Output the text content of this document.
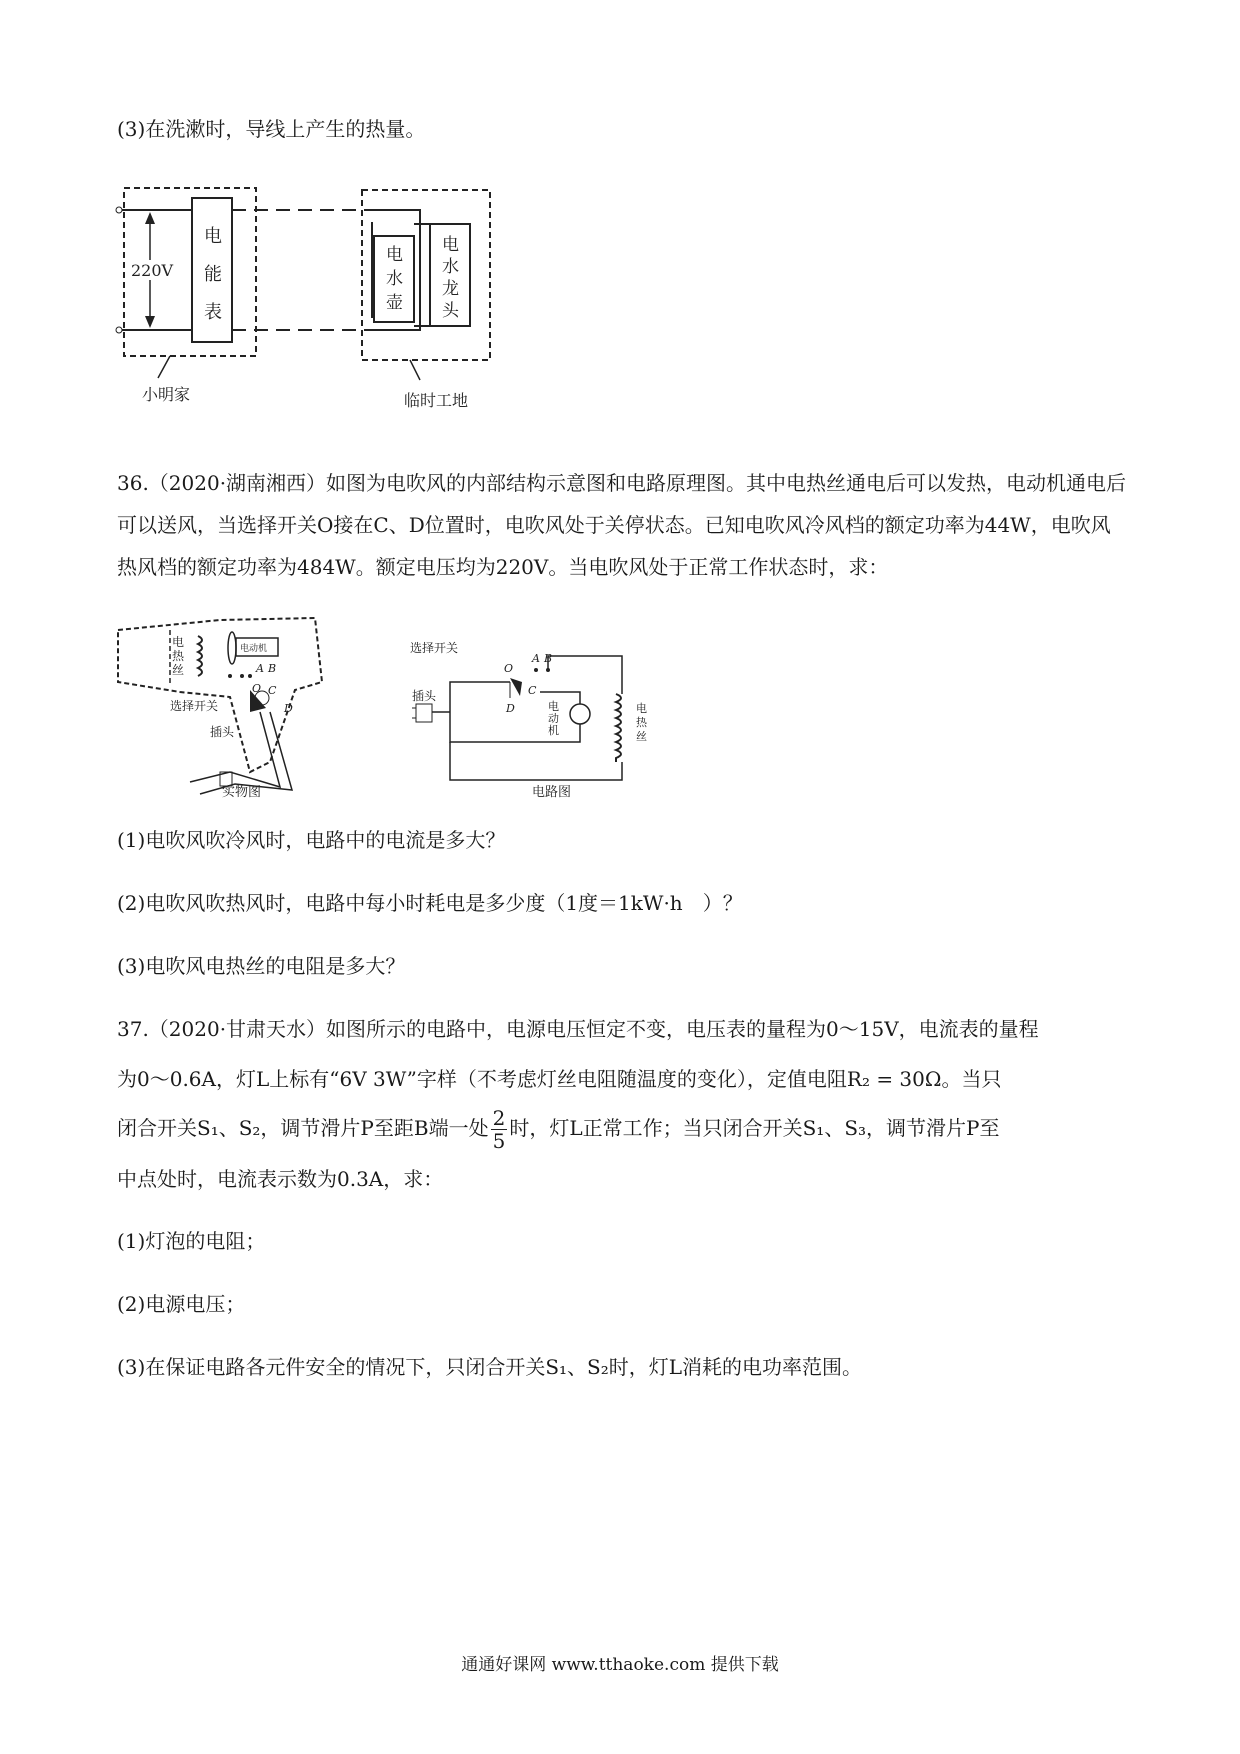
(3)在洗漱时，导线上产生的热量。

220V
电
能
表
电
水
壶
电
水
龙
头
小明家	临时工地

36.（2020·湖南湘西）如图为电吹风的内部结构示意图和电路原理图。其中电热丝通电后可以发热，电动机通电后可以送风，当选择开关O接在C、D位置时，电吹风处于关停状态。已知电吹风冷风档的额定功率为44W，电吹风热风档的额定功率为484W。额定电压均为220V。当电吹风处于正常工作状态时，求：

电动机
电
热
丝	A B
O C
D
选择开关
插头
实物图
选择开关
插头
O
A B
C
D	电
动
机
电
热
丝
电路图

(1)电吹风吹冷风时，电路中的电流是多大？

(2)电吹风吹热风时，电路中每小时耗电是多少度（1度＝1kW·h　）？

(3)电吹风电热丝的电阻是多大？

37.（2020·甘肃天水）如图所示的电路中，电源电压恒定不变，电压表的量程为0～15V，电流表的量程

为0～0.6A，灯L上标有“6V 3W”字样（不考虑灯丝电阻随温度的变化），定值电阻R₂ = 30Ω。当只

闭合开关S₁、S₂，调节滑片P至距B端一处 $\frac{2}{5}$ 时，灯L正常工作；当只闭合开关S₁、S₃，调节滑片P至

中点处时，电流表示数为0.3A，求：

(1)灯泡的电阻；

(2)电源电压；

(3)在保证电路各元件安全的情况下，只闭合开关S₁、S₂时，灯L消耗的电功率范围。

通通好课网 www.tthaoke.com 提供下载
